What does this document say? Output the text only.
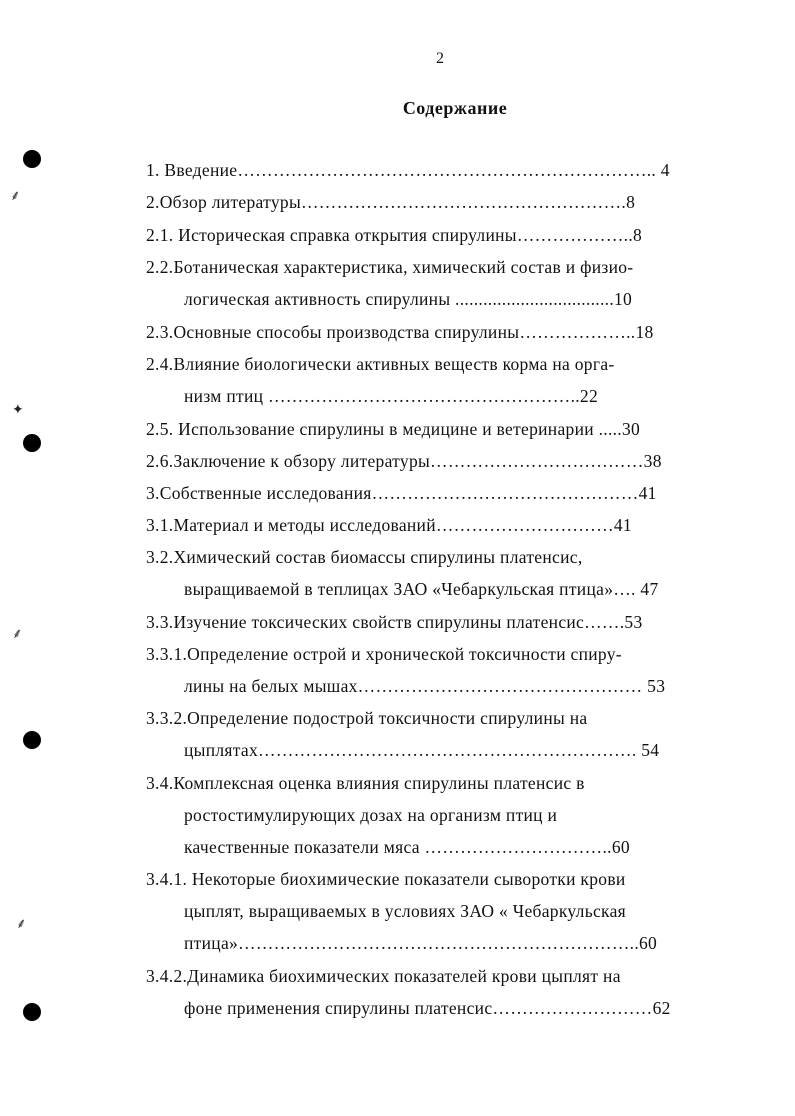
⸙
✦
⸙
⸙
2
Содержание
1. Введение…………………………………………………………….. 4
2.Обзор литературы……………………………………………….8
2.1. Историческая справка открытия спирулины………………..8
2.2.Ботаническая характеристика, химический состав и физио-
логическая активность спирулины ..................................10
2.3.Основные способы производства спирулины………………..18
2.4.Влияние биологически активных веществ корма на орга-
низм птиц ……………………………………………..22
2.5. Использование спирулины в медицине и ветеринарии .....30
2.6.Заключение к обзору литературы………………………………38
3.Собственные исследования………………………………………41
3.1.Материал и методы исследований…………………………41
3.2.Химический состав биомассы спирулины платенсис,
выращиваемой в теплицах ЗАО «Чебаркульская птица»…. 47
3.3.Изучение токсических свойств спирулины платенсис…….53
3.3.1.Определение острой и хронической токсичности спиру-
лины на белых мышах………………………………………… 53
3.3.2.Определение подострой токсичности спирулины на
цыплятах………………………………………………………. 54
3.4.Комплексная оценка влияния спирулины платенсис в
ростостимулирующих дозах на организм птиц и
качественные показатели мяса …………………………..60
3.4.1. Некоторые биохимические показатели сыворотки крови
цыплят, выращиваемых в условиях ЗАО « Чебаркульская
птица»…………………………………………………………..60
3.4.2.Динамика биохимических показателей крови цыплят на
фоне применения спирулины платенсис………………………62
